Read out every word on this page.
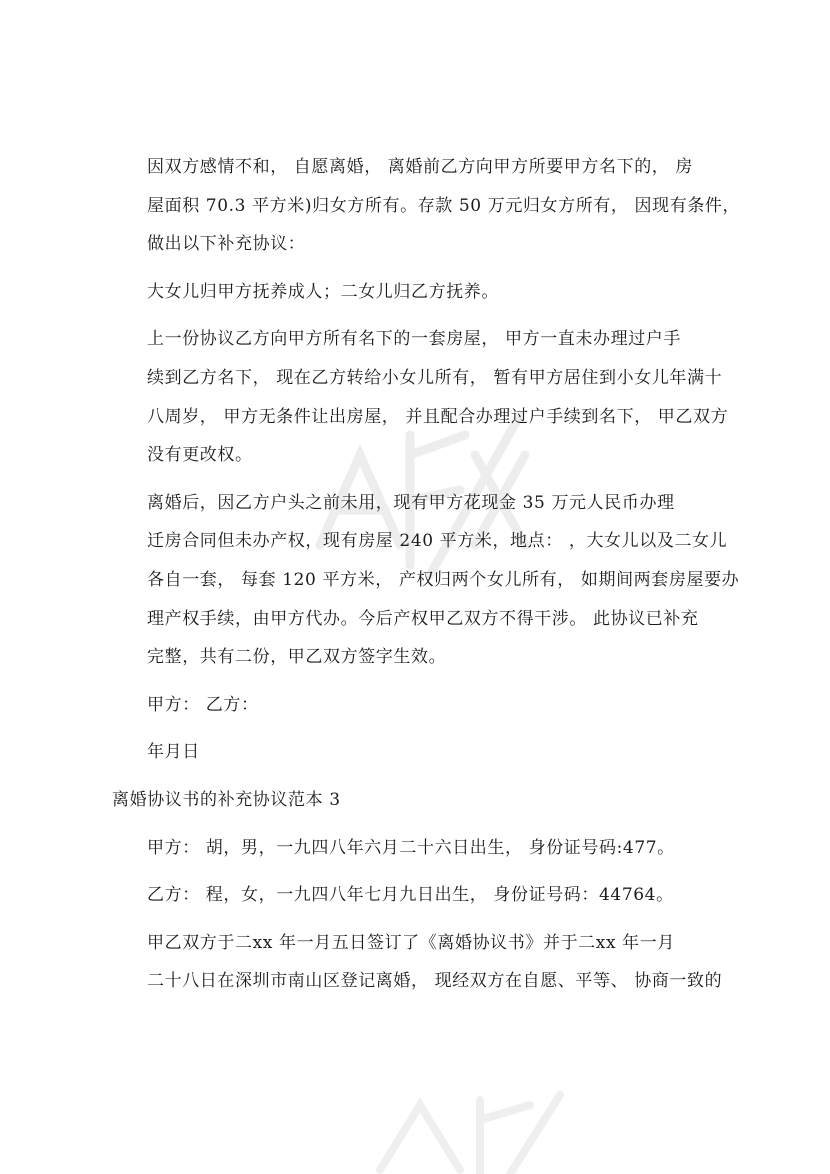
因双方感情不和， 自愿离婚， 离婚前乙方向甲方所要甲方名下的， 房
屋面积 70.3 平方米)归女方所有。存款 50 万元归女方所有， 因现有条件，
做出以下补充协议：

大女儿归甲方抚养成人；二女儿归乙方抚养。

上一份协议乙方向甲方所有名下的一套房屋， 甲方一直未办理过户手
续到乙方名下， 现在乙方转给小女儿所有， 暂有甲方居住到小女儿年满十
八周岁， 甲方无条件让出房屋， 并且配合办理过户手续到名下， 甲乙双方
没有更改权。

离婚后，因乙方户头之前未用，现有甲方花现金 35 万元人民币办理
迁房合同但未办产权，现有房屋 240 平方米，地点： ，大女儿以及二女儿
各自一套， 每套 120 平方米， 产权归两个女儿所有， 如期间两套房屋要办
理产权手续，由甲方代办。今后产权甲乙双方不得干涉。 此协议已补充
完整，共有二份，甲乙双方签字生效。

甲方： 乙方：

年月日

离婚协议书的补充协议范本 3

甲方： 胡，男，一九四八年六月二十六日出生， 身份证号码:477。

乙方： 程，女，一九四八年七月九日出生， 身份证号码：44764。

甲乙双方于二xx 年一月五日签订了《离婚协议书》并于二xx 年一月
二十八日在深圳市南山区登记离婚， 现经双方在自愿、平等、 协商一致的
